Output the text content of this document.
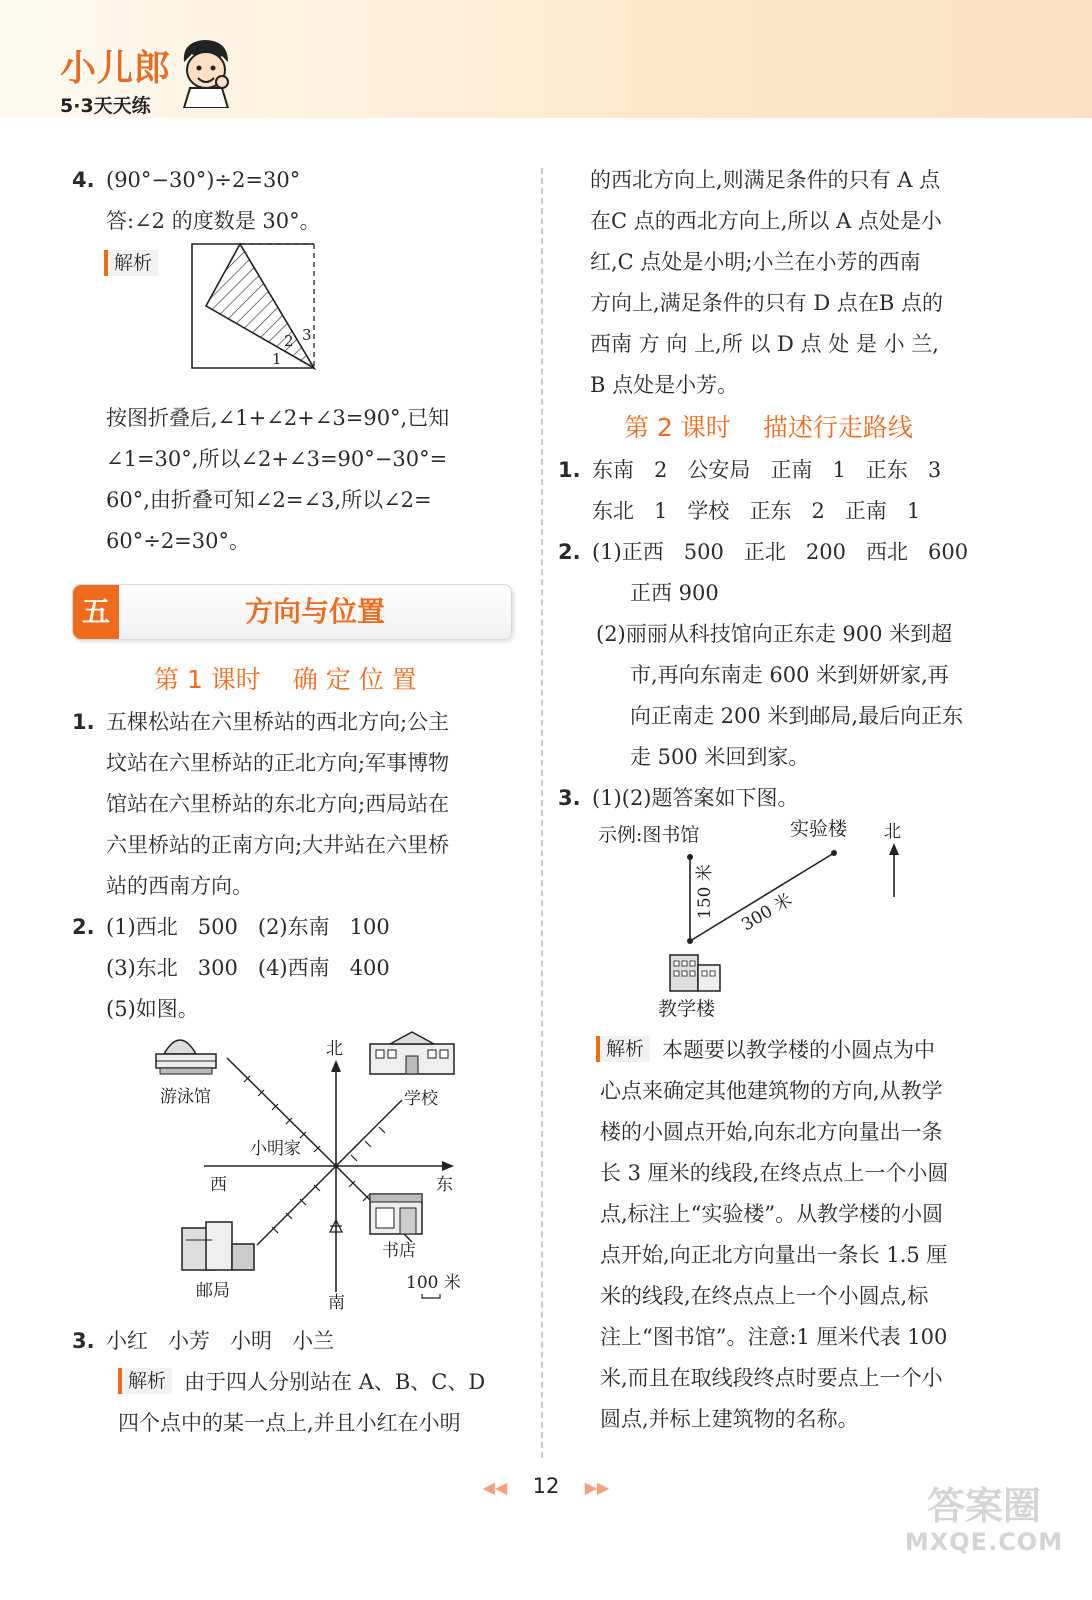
小儿郎
5·3天天练
4. (90°−30°)÷2=30°
答:∠2 的度数是 30°。
解析
1
2 3
按图折叠后,∠1+∠2+∠3=90°,已知
∠1=30°,所以∠2+∠3=90°−30°=
60°,由折叠可知∠2=∠3,所以∠2=
60°÷2=30°。
五	方向与位置
第 1 课时 确 定 位 置
1. 五棵松站在六里桥站的西北方向;公主
坟站在六里桥站的正北方向;军事博物
馆站在六里桥站的东北方向;西局站在
六里桥站的正南方向;大井站在六里桥
站的西南方向。
2. (1)西北   500   (2)东南   100
(3)东北   300   (4)西南   400
(5)如图。
北
南
东
西
小明家
游泳馆	学校
邮局
书店
100 米
3. 小红   小芳   小明   小兰
解析 由于四人分别站在 A、B、C、D
四个点中的某一点上,并且小红在小明
的西北方向上,则满足条件的只有 A 点
在C 点的西北方向上,所以 A 点处是小
红,C 点处是小明;小兰在小芳的西南
方向上,满足条件的只有 D 点在B 点的
西南 方 向 上,所 以 D 点 处 是 小 兰,
B 点处是小芳。
第 2 课时 描述行走路线
1. 东南   2   公安局   正南   1   正东   3
东北   1   学校   正东   2   正南   1
2. (1)正西   500   正北   200   西北   600
正西 900
(2)丽丽从科技馆向正东走 900 米到超
市,再向东南走 600 米到妍妍家,再
向正南走 200 米到邮局,最后向正东
走 500 米回到家。
3. (1)(2)题答案如下图。
示例:图书馆	实验楼 北
150 米 300 米
教学楼
解析 本题要以教学楼的小圆点为中
心点来确定其他建筑物的方向,从教学
楼的小圆点开始,向东北方向量出一条
长 3 厘米的线段,在终点点上一个小圆
点,标注上“实验楼”。从教学楼的小圆
点开始,向正北方向量出一条长 1.5 厘
米的线段,在终点点上一个小圆点,标
注上“图书馆”。注意:1 厘米代表 100
米,而且在取线段终点时要点上一个小
圆点,并标上建筑物的名称。
◀◀ 12 ▶▶	答案圈
MXQE.COM
